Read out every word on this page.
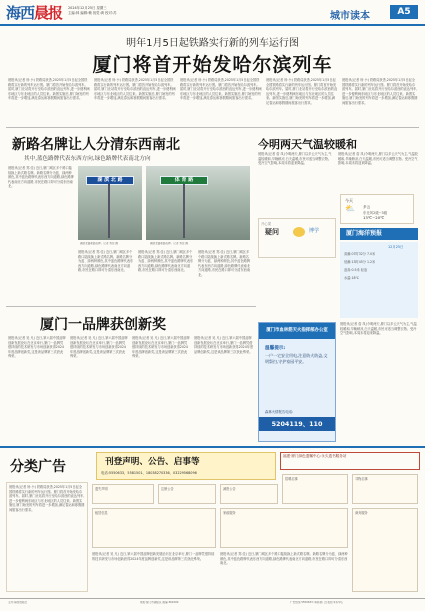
海西晨报 2024年12月25日 星期三
主编:林 编辑:赖 视觉:黄 校对:苏	城市读本	A5
明年1月5日起铁路实行新的列车运行图
厦门将首开始发哈尔滨列车
晨报讯(记者 杨 小) 铁路局获悉,2025年1月5日起全国铁路将实行新的列车运行图。厦门将首开始发哈尔滨列车。届时,厦门北站将开行至哈尔滨西的直达列车,进一步便利闽东地区与东北地区的人员往来。新图实施后,厦门始发的列车将进一步增加,满足春运和寒假期间旅客出行需求。
晨报讯(记者 杨 小) 铁路局获悉,2025年1月5日起全国铁路将实行新的列车运行图。厦门将首开始发哈尔滨列车。届时,厦门北站将开行至哈尔滨西的直达列车,进一步便利闽东地区与东北地区的人员往来。新图实施后,厦门始发的列车将进一步增加,满足春运和寒假期间旅客出行需求。
晨报讯(记者 杨 小) 铁路局获悉,2025年1月5日起全国铁路将实行新的列车运行图。厦门将首开始发哈尔滨列车。届时,厦门北站将开行至哈尔滨西的直达列车,进一步便利闽东地区与东北地区的人员往来。新图实施后,厦门始发的列车将进一步增加,满足春运和寒假期间旅客出行需求。
晨报讯(记者 杨 小) 铁路局获悉,2025年1月5日起全国铁路将实行新的列车运行图。厦门将首开始发哈尔滨列车。届时,厦门北站将开行至哈尔滨西的直达列车,进一步便利闽东地区与东北地区的人员往来。新图实施后,厦门始发的列车将进一步增加,满足春运和寒假期间旅客出行需求。
晨报讯(记者 杨 小) 铁路局获悉,2025年1月5日起全国铁路将实行新的列车运行图。厦门将首开始发哈尔滨列车。届时,厦门北站将开行至哈尔滨西的直达列车,进一步便利闽东地区与东北地区的人员往来。新图实施后,厦门始发的列车将进一步增加,满足春运和寒假期间旅客出行需求。
新路名牌让人分清东西南北
其中,蓝色路牌代表东西方向,绿色路牌代表南北方向
晨报讯(记者 郑 佳) 近日,厦门城区多个路口陆续换上新式路名牌。新路名牌分为蓝、绿两种颜色,其中蓝色路牌代表东西方向道路,绿色路牌代表南北方向道路,市民在路口即可分清东西南北。
湖 滨 北 路	体 育 路
湖滨北路新路名牌。记者 郑佳 摄	湖滨北路新路名牌。记者 郑佳 摄
晨报讯(记者 郑 佳) 近日,厦门城区多个路口陆续换上新式路名牌。新路名牌分为蓝、绿两种颜色,其中蓝色路牌代表东西方向道路,绿色路牌代表南北方向道路,市民在路口即可分清东西南北。
晨报讯(记者 郑 佳) 近日,厦门城区多个路口陆续换上新式路名牌。新路名牌分为蓝、绿两种颜色,其中蓝色路牌代表东西方向道路,绿色路牌代表南北方向道路,市民在路口即可分清东西南北。
晨报讯(记者 郑 佳) 近日,厦门城区多个路口陆续换上新式路名牌。新路名牌分为蓝、绿两种颜色,其中蓝色路牌代表东西方向道路,绿色路牌代表南北方向道路,市民在路口即可分清东西南北。
今明两天气温较暖和
晨报讯(记者 詹 凤)今明两天,厦门以多云天气为主,气温较暖和,早晚稍凉,白天温暖,市民可适当调整衣物。受冷空气影响,本周末将迎来降温。
晨报讯(记者 詹 凤)今明两天,厦门以多云天气为主,气温较暖和,早晚稍凉,白天温暖,市民可适当调整衣物。受冷空气影响,本周末将迎来降温。
今天
⛅ 多云
东北风2级~3级
13℃~20℃
开心果
疑问	博学	厦门海洋预报
12月25日
高潮:07时32分 7.0米
低潮:13时45分 1.2米
浪高:0.5米 轻浪
水温:18℃
厦门一品牌获创新奖
晨报讯(记者 吴 凡) 近日,第六届中国品牌创新发展论坛在北京举行,厦门一品牌凭借持续的技术研发与市场创新获得2024年度品牌创新奖,这是该品牌第三次获此殊荣。
晨报讯(记者 吴 凡) 近日,第六届中国品牌创新发展论坛在北京举行,厦门一品牌凭借持续的技术研发与市场创新获得2024年度品牌创新奖,这是该品牌第三次获此殊荣。
晨报讯(记者 吴 凡) 近日,第六届中国品牌创新发展论坛在北京举行,厦门一品牌凭借持续的技术研发与市场创新获得2024年度品牌创新奖,这是该品牌第三次获此殊荣。
晨报讯(记者 吴 凡) 近日,第六届中国品牌创新发展论坛在北京举行,厦门一品牌凭借持续的技术研发与市场创新获得2024年度品牌创新奖,这是该品牌第三次获此殊荣。
厦门市血林筋天火指挥部办公室
温馨提示:
一户一宅安全用电,注意防火防盗,文明祭扫,守护家园平安。
森林火情报告电话:
5204119、110
晨报讯(记者 詹 凤)今明两天,厦门以多云天气为主,气温较暖和,早晚稍凉,白天温暖,市民可适当调整衣物。受冷空气影响,本周末将迎来降温。
分类广告	刊登声明、公告、启事等
电话:5550633、5581501、18038270336、03229568096
福建·厦门绿色遗嘱中心:永久遗书服务站
晨报讯(记者 杨 小) 铁路局获悉,2025年1月5日起全国铁路将实行新的列车运行图。厦门将首开始发哈尔滨列车。届时,厦门北站将开行至哈尔滨西的直达列车,进一步便利闽东地区与东北地区的人员往来。新图实施后,厦门始发的列车将进一步增加,满足春运和寒假期间旅客出行需求。
遗失声明	注销公告	减资公告
招聘启事	寻物启事
租赁信息	家政服务	商务服务
晨报讯(记者 吴 凡) 近日,第六届中国品牌创新发展论坛在北京举行,厦门一品牌凭借持续的技术研发与市场创新获得2024年度品牌创新奖,这是该品牌第三次获此殊荣。
晨报讯(记者 郑 佳) 近日,厦门城区多个路口陆续换上新式路名牌。新路名牌分为蓝、绿两种颜色,其中蓝色路牌代表东西方向道路,绿色路牌代表南北方向道路,市民在路口即可分清东西南北。
主办:海西晨报社	地址:厦门市湖里区 邮编:361000	广告热线:5550633 印刷:厦门日报社印务中心
